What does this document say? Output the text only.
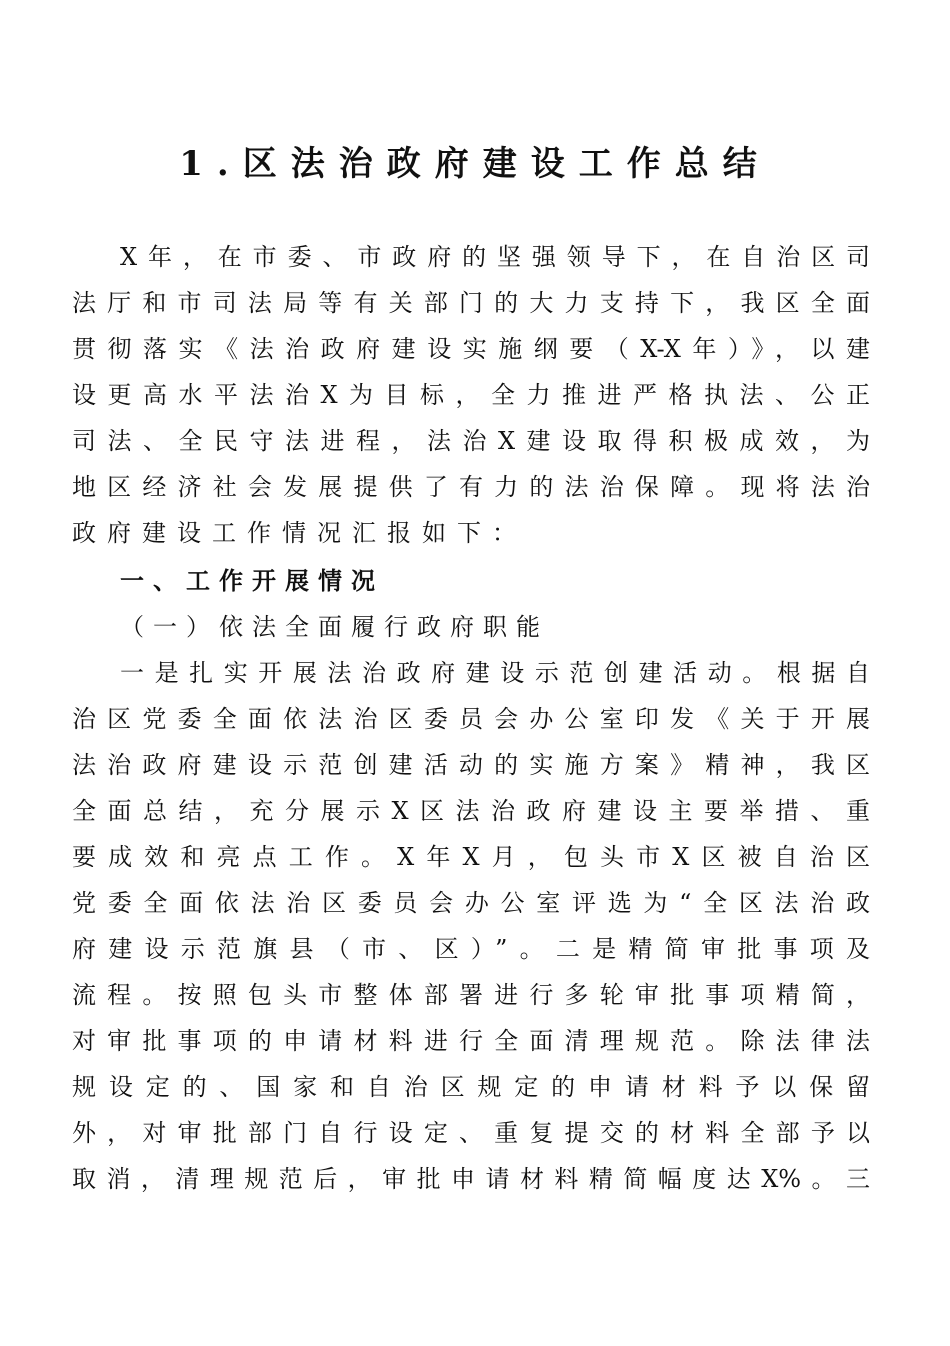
1.区法治政府建设工作总结
X年，在市委、市政府的坚强领导下，在自治区司
法厅和市司法局等有关部门的大力支持下，我区全面
贯彻落实《法治政府建设实施纲要（X-X年）》，以建
设更高水平法治X为目标，全力推进严格执法、公正
司法、全民守法进程，法治X建设取得积极成效，为
地区经济社会发展提供了有力的法治保障。现将法治
政府建设工作情况汇报如下：
一、工作开展情况
（一）依法全面履行政府职能
一是扎实开展法治政府建设示范创建活动。根据自
治区党委全面依法治区委员会办公室印发《关于开展
法治政府建设示范创建活动的实施方案》精神，我区
全面总结，充分展示X区法治政府建设主要举措、重
要成效和亮点工作。X年X月，包头市X区被自治区
党委全面依法治区委员会办公室评选为“全区法治政
府建设示范旗县（市、区）”。二是精简审批事项及
流程。按照包头市整体部署进行多轮审批事项精简，
对审批事项的申请材料进行全面清理规范。除法律法
规设定的、国家和自治区规定的申请材料予以保留
外，对审批部门自行设定、重复提交的材料全部予以
取消，清理规范后，审批申请材料精简幅度达X%。三
